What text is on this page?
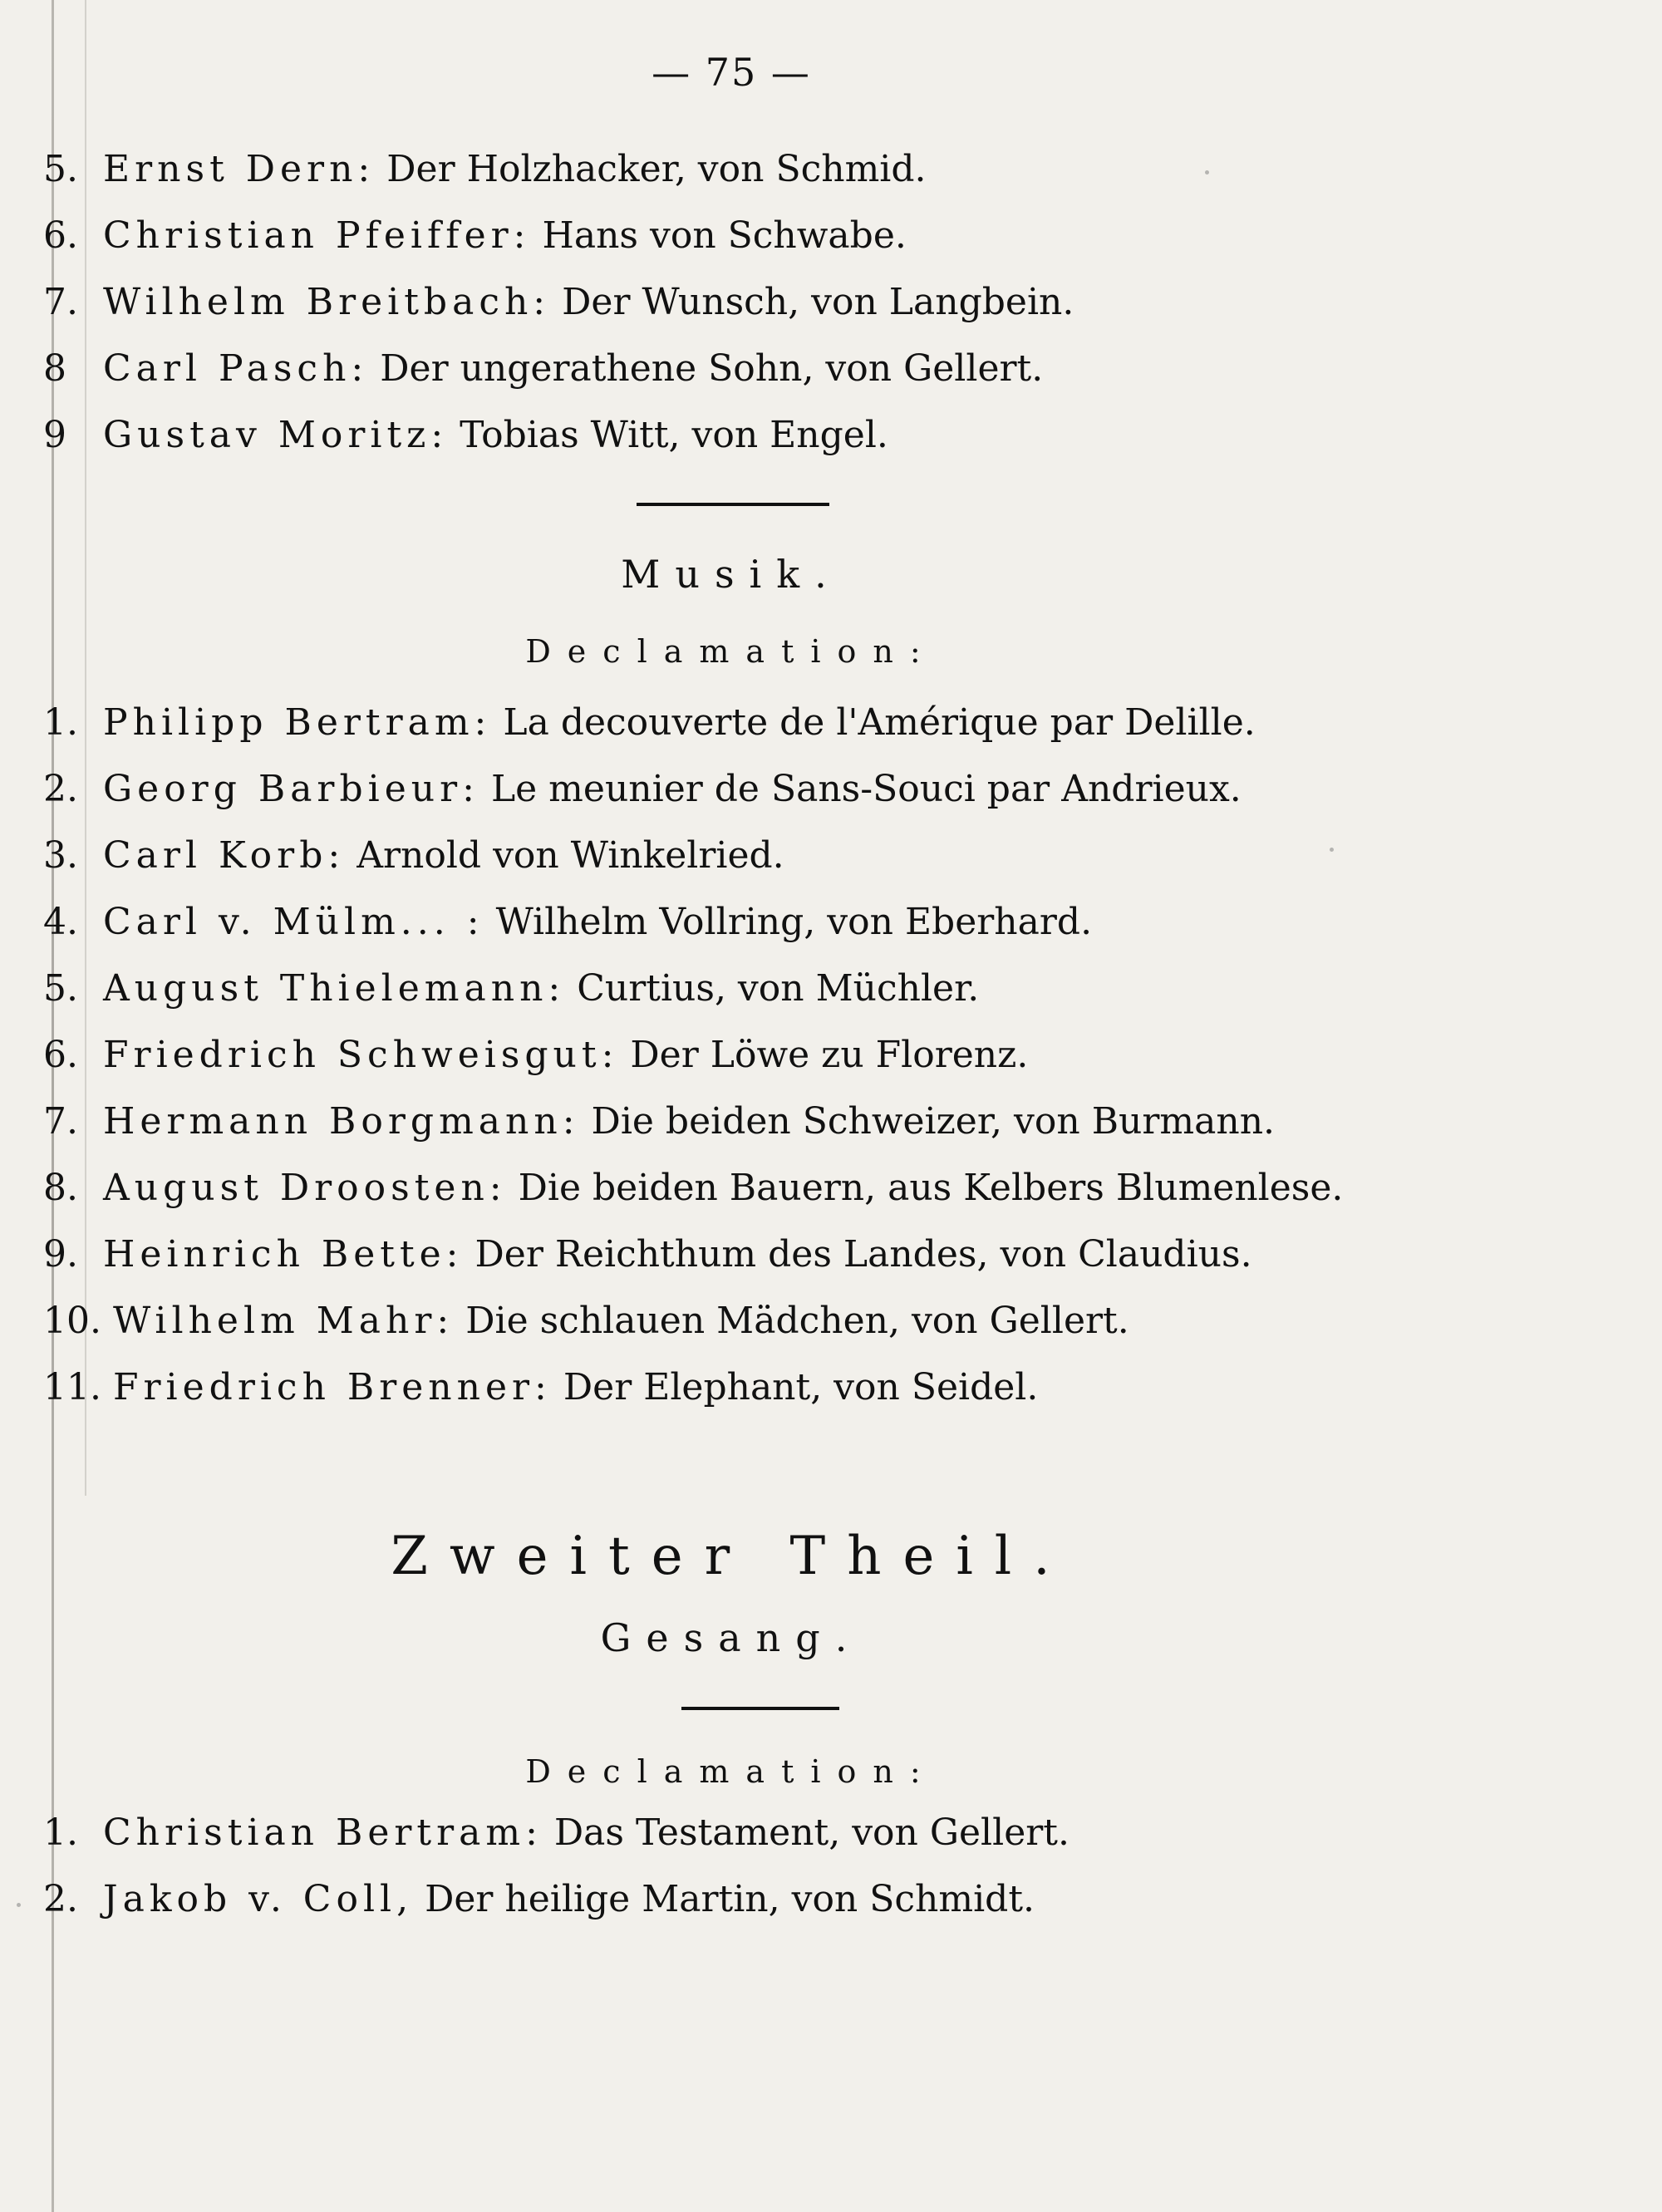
— 75 —
5. Ernst Dern: Der Holzhacker, von Schmid.
6. Christian Pfeiffer: Hans von Schwabe.
7. Wilhelm Breitbach: Der Wunsch, von Langbein.
8 Carl Pasch: Der ungerathene Sohn, von Gellert.
9 Gustav Moritz: Tobias Witt, von Engel.
Musik.
Declamation:
1. Philipp Bertram: La decouverte de l'Amérique par Delille.
2. Georg Barbieur: Le meunier de Sans-Souci par Andrieux.
3. Carl Korb: Arnold von Winkelried.
4. Carl v. Mülm... : Wilhelm Vollring, von Eberhard.
5. August Thielemann: Curtius, von Müchler.
6. Friedrich Schweisgut: Der Löwe zu Florenz.
7. Hermann Borgmann: Die beiden Schweizer, von Burmann.
8. August Droosten: Die beiden Bauern, aus Kelbers Blumenlese.
9. Heinrich Bette: Der Reichthum des Landes, von Claudius.
10. Wilhelm Mahr: Die schlauen Mädchen, von Gellert.
11. Friedrich Brenner: Der Elephant, von Seidel.
Zweiter Theil.
Gesang.
Declamation:
1. Christian Bertram: Das Testament, von Gellert.
2. Jakob v. Coll, Der heilige Martin, von Schmidt.
